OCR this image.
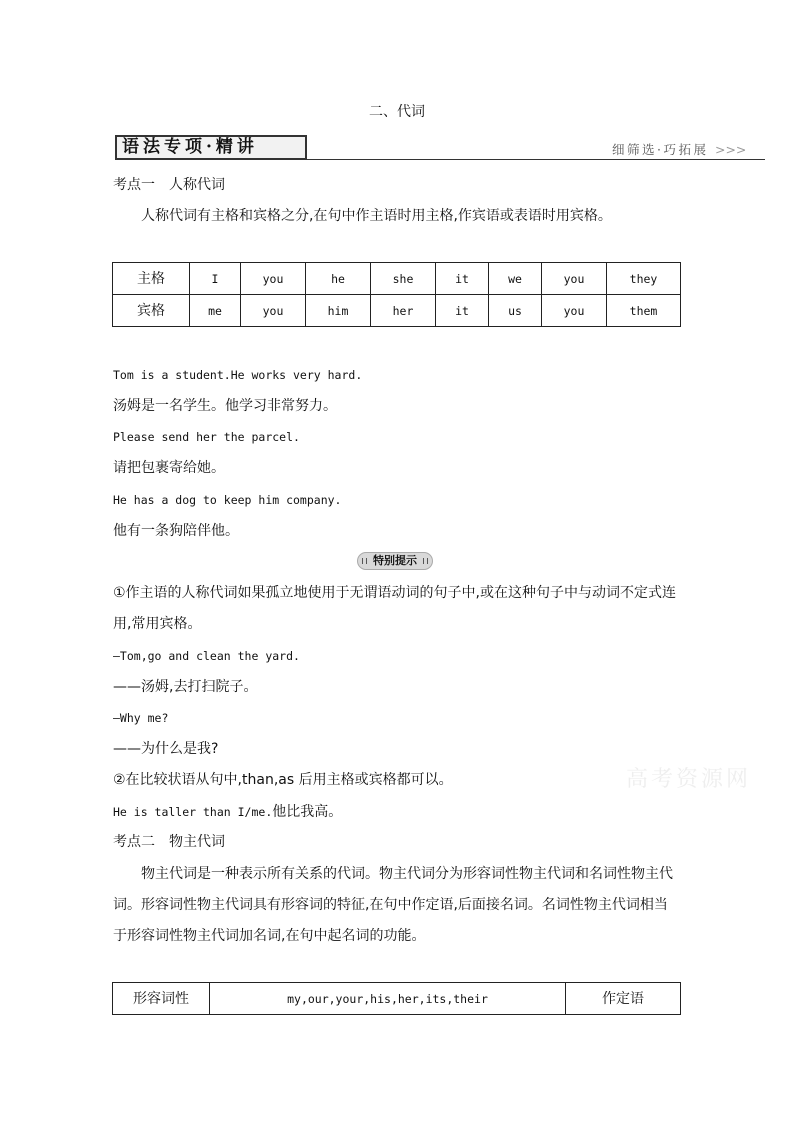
二、代词
语法专项·精讲	细筛选·巧拓展 >>>
考点一　人称代词
人称代词有主格和宾格之分,在句中作主语时用主格,作宾语或表语时用宾格。
主格	I	you	he	she	it	we	you	they
宾格	me	you	him	her	it	us	you	them
Tom is a student.He works very hard.
汤姆是一名学生。他学习非常努力。
Please send her the parcel.
请把包裹寄给她。
He has a dog to keep him company.
他有一条狗陪伴他。
特别提示
①作主语的人称代词如果孤立地使用于无谓语动词的句子中,或在这种句子中与动词不定式连
用,常用宾格。
—Tom,go and clean the yard.
——汤姆,去打扫院子。
—Why me?
——为什么是我?
②在比较状语从句中,than,as 后用主格或宾格都可以。
He is taller than I/me.他比我高。
高考资源网
考点二　物主代词
物主代词是一种表示所有关系的代词。物主代词分为形容词性物主代词和名词性物主代
词。形容词性物主代词具有形容词的特征,在句中作定语,后面接名词。名词性物主代词相当
于形容词性物主代词加名词,在句中起名词的功能。
形容词性	my,our,your,his,her,its,their	作定语
